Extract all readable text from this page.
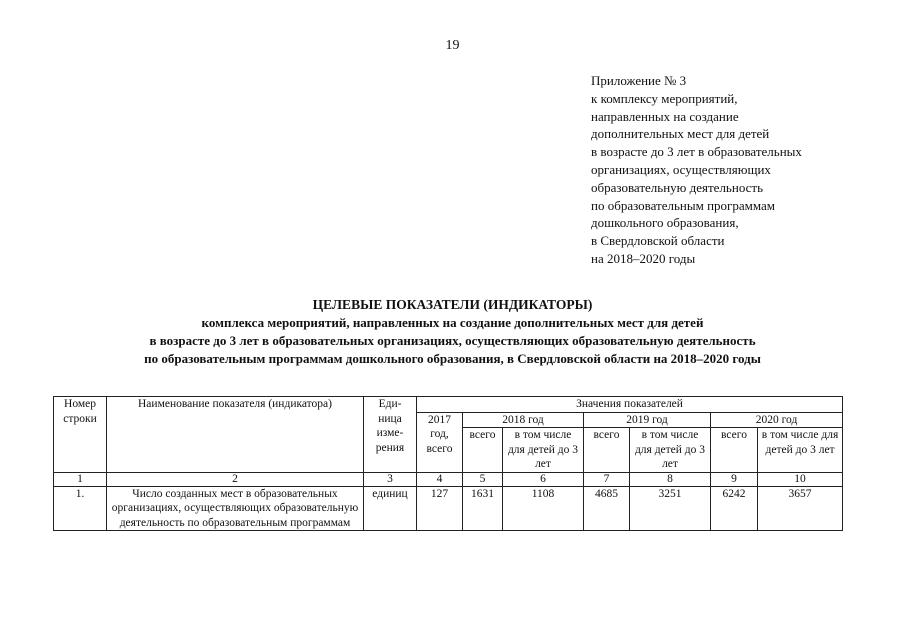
19
Приложение № 3
к комплексу мероприятий,
направленных на создание
дополнительных мест для детей
в возрасте до 3 лет в образовательных
организациях, осуществляющих
образовательную деятельность
по образовательным программам
дошкольного образования,
в Свердловской области
на 2018–2020 годы
ЦЕЛЕВЫЕ ПОКАЗАТЕЛИ (ИНДИКАТОРЫ)
комплекса мероприятий, направленных на создание дополнительных мест для детей
в возрасте до 3 лет в образовательных организациях, осуществляющих образовательную деятельность
по образовательным программам дошкольного образования, в Свердловской области на 2018–2020 годы
Номер строки	Наименование показателя (индикатора)	Еди-ница изме-рения	Значения показателей						
			2017 год, всего	2018 год		2019 год		2020 год	
				всего	в том числе для детей до 3 лет	всего	в том числе для детей до 3 лет	всего	в том числе для детей до 3 лет
1	2	3	4	5	6	7	8	9	10
1.	Число созданных мест в образовательных организациях, осуществляющих образовательную деятельность по образовательным программам	единиц	127	1631	1108	4685	3251	6242	3657
